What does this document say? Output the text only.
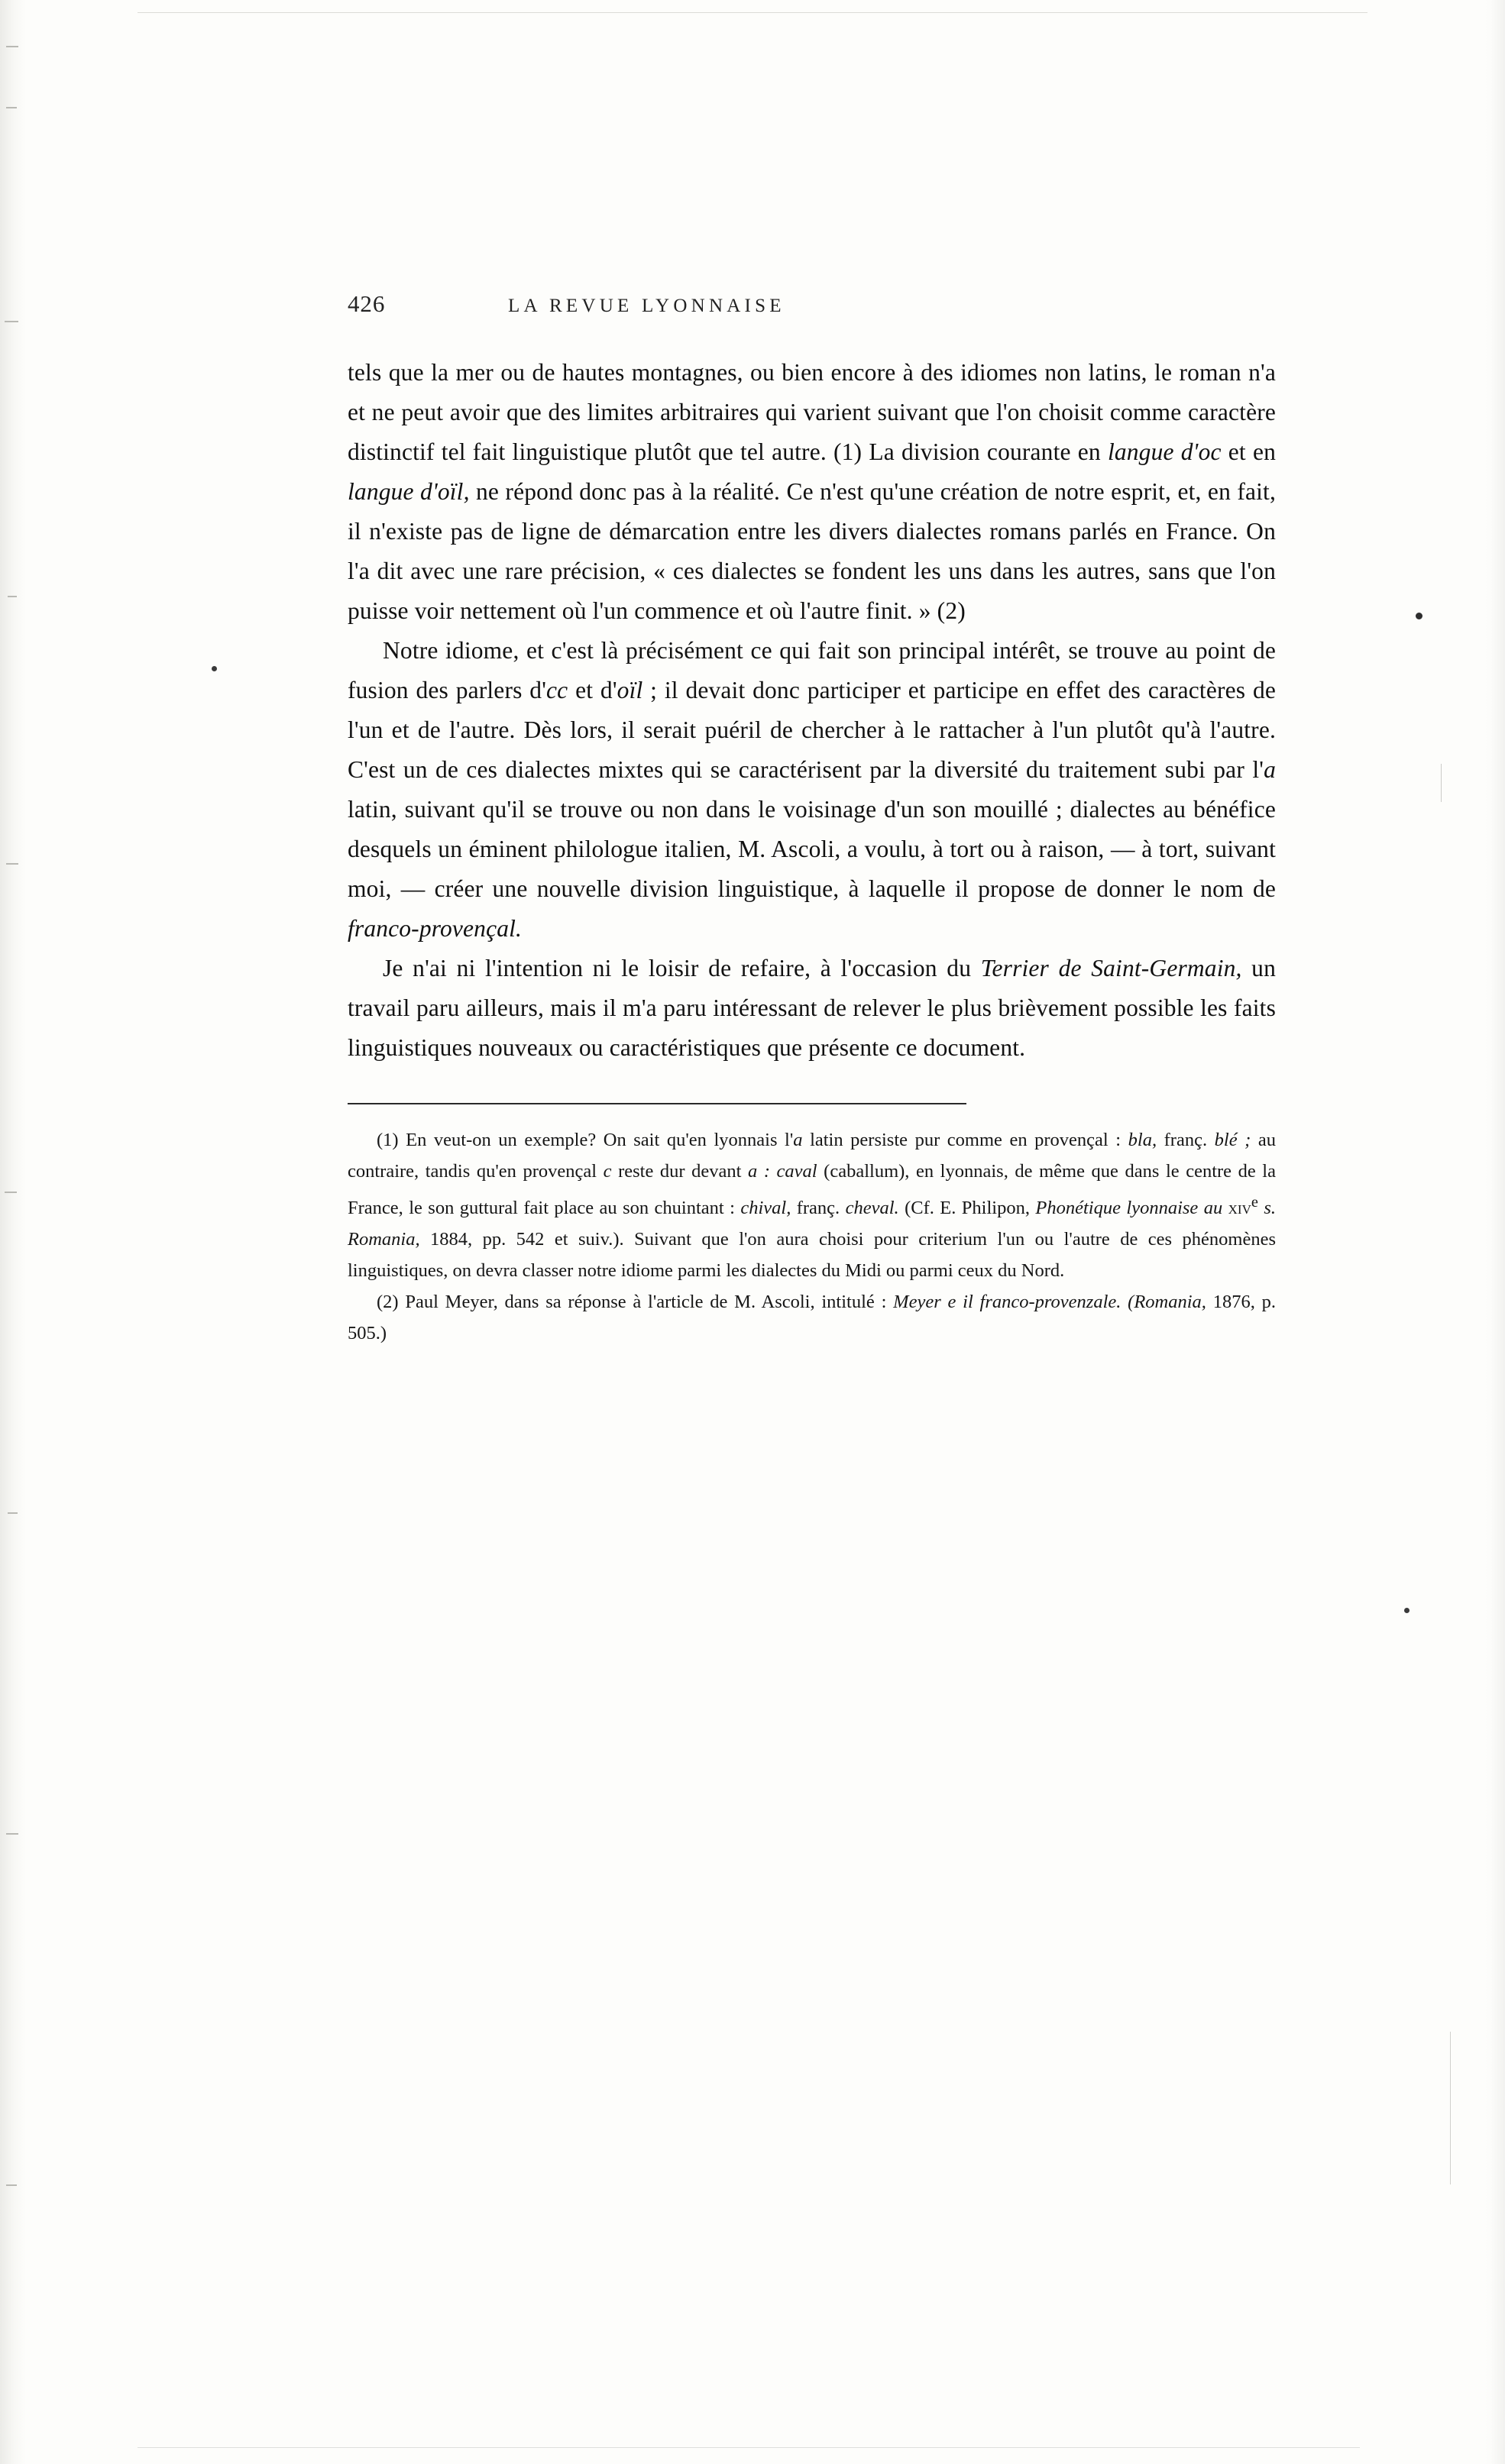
426	LA REVUE LYONNAISE

tels que la mer ou de hautes montagnes, ou bien encore à des idiomes non latins, le roman n'a et ne peut avoir que des limites arbitraires qui varient suivant que l'on choisit comme caractère distinctif tel fait linguistique plutôt que tel autre. (1) La division courante en langue d'oc et en langue d'oïl, ne répond donc pas à la réalité. Ce n'est qu'une création de notre esprit, et, en fait, il n'existe pas de ligne de démarcation entre les divers dialectes romans parlés en France. On l'a dit avec une rare précision, « ces dialectes se fondent les uns dans les autres, sans que l'on puisse voir nettement où l'un commence et où l'autre finit. » (2)

Notre idiome, et c'est là précisément ce qui fait son principal intérêt, se trouve au point de fusion des parlers d'cc et d'oïl ; il devait donc participer et participe en effet des caractères de l'un et de l'autre. Dès lors, il serait puéril de chercher à le rattacher à l'un plutôt qu'à l'autre. C'est un de ces dialectes mixtes qui se caractérisent par la diversité du traitement subi par l'a latin, suivant qu'il se trouve ou non dans le voisinage d'un son mouillé ; dialectes au bénéfice desquels un éminent philologue italien, M. Ascoli, a voulu, à tort ou à raison, — à tort, suivant moi, — créer une nouvelle division linguistique, à laquelle il propose de donner le nom de franco-provençal.

Je n'ai ni l'intention ni le loisir de refaire, à l'occasion du Terrier de Saint-Germain, un travail paru ailleurs, mais il m'a paru intéressant de relever le plus brièvement possible les faits linguistiques nouveaux ou caractéristiques que présente ce document.

(1) En veut-on un exemple? On sait qu'en lyonnais l'a latin persiste pur comme en provençal : bla, franç. blé ; au contraire, tandis qu'en provençal c reste dur devant a : caval (caballum), en lyonnais, de même que dans le centre de la France, le son guttural fait place au son chuintant : chival, franç. cheval. (Cf. E. Philipon, Phonétique lyonnaise au xiv$^e$ s. Romania, 1884, pp. 542 et suiv.). Suivant que l'on aura choisi pour criterium l'un ou l'autre de ces phénomènes linguistiques, on devra classer notre idiome parmi les dialectes du Midi ou parmi ceux du Nord.

(2) Paul Meyer, dans sa réponse à l'article de M. Ascoli, intitulé : Meyer e il franco-provenzale. (Romania, 1876, p. 505.)
